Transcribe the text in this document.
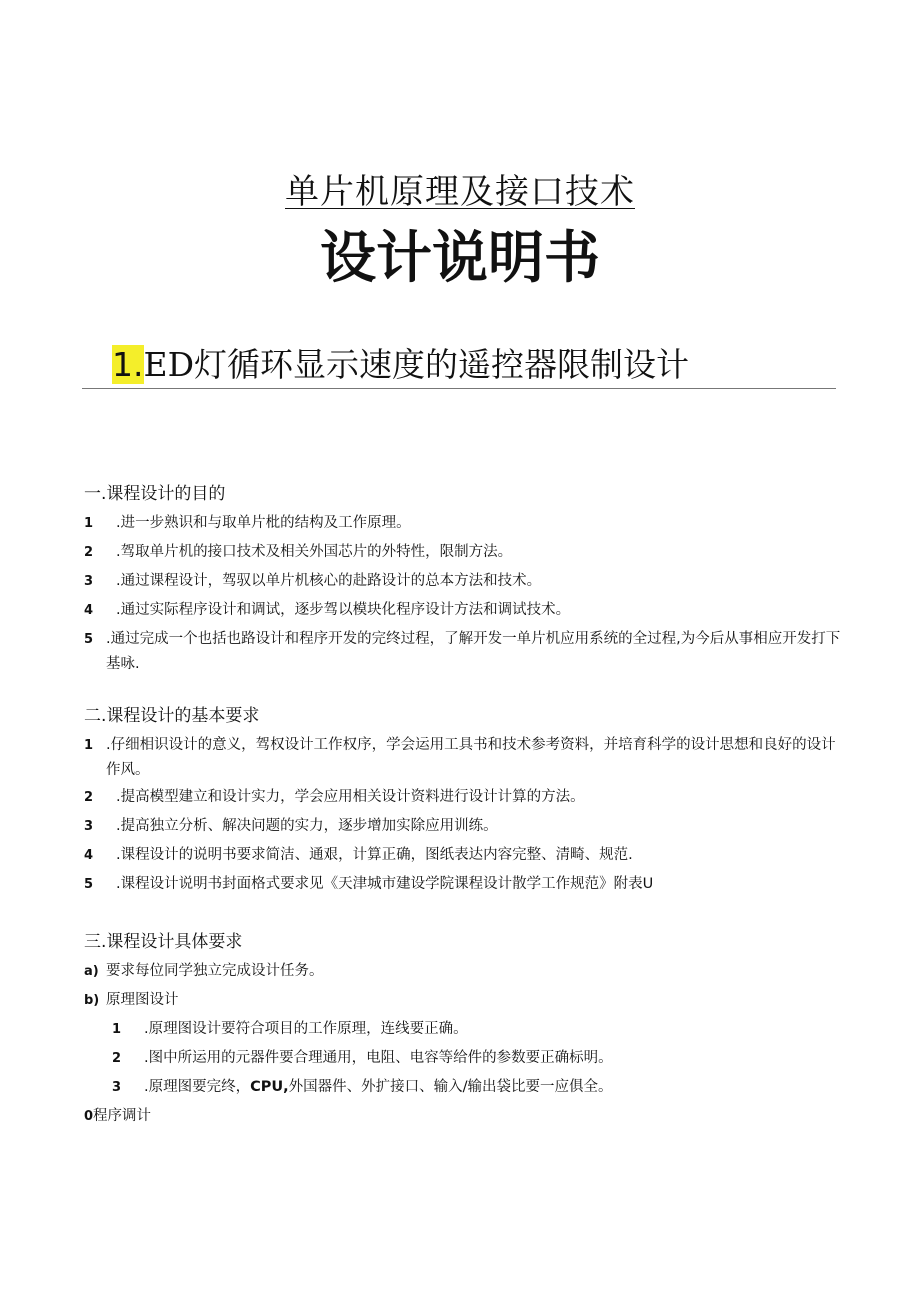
单片机原理及接口技术
设计说明书
1.ED灯循环显示速度的遥控器限制设计
一.课程设计的目的
1	.进一步熟识和与取单片枇的结构及工作原理。
2	.驾取单片机的接口技术及相关外国芯片的外特性，限制方法。
3	.通过课程设计，驾驭以单片机核心的赴路设计的总本方法和技术。
4	.通过实际程序设计和调试，逐步驾以模块化程序设计方法和调试技术。
5 .通过完成一个也括也路设计和程序开发的完终过程，了解开发一单片机应用系统的全过程,为今后从事相应开发打下基咏.
二.课程设计的基本要求
1 .仔细相识设计的意义，驾权设计工作权序，学会运用工具书和技术参考资料，并培育科学的设计思想和良好的设计作风。
2	.提高模型建立和设计实力，学会应用相关设计资料进行设计计算的方法。
3	.提高独立分析、解决问题的实力，逐步增加实除应用训练。
4	.课程设计的说明书要求简洁、通艰，计算正确，图纸表达内容完整、清畸、规范.
5	.课程设计说明书封面格式要求见《天津城市建设学院课程设计散学工作规范》附表U
三.课程设计具体要求
a) 要求每位同学独立完成设计任务。
b) 原理图设计
1	.原理图设计要符合项目的工作原理，连线要正确。
2	.图中所运用的元器件要合理通用，电阻、电容等给件的参数要正确标明。
3	.原理图要完终，CPU,外国器件、外扩接口、输入/输出袋比要一应俱全。
0 程序调计
